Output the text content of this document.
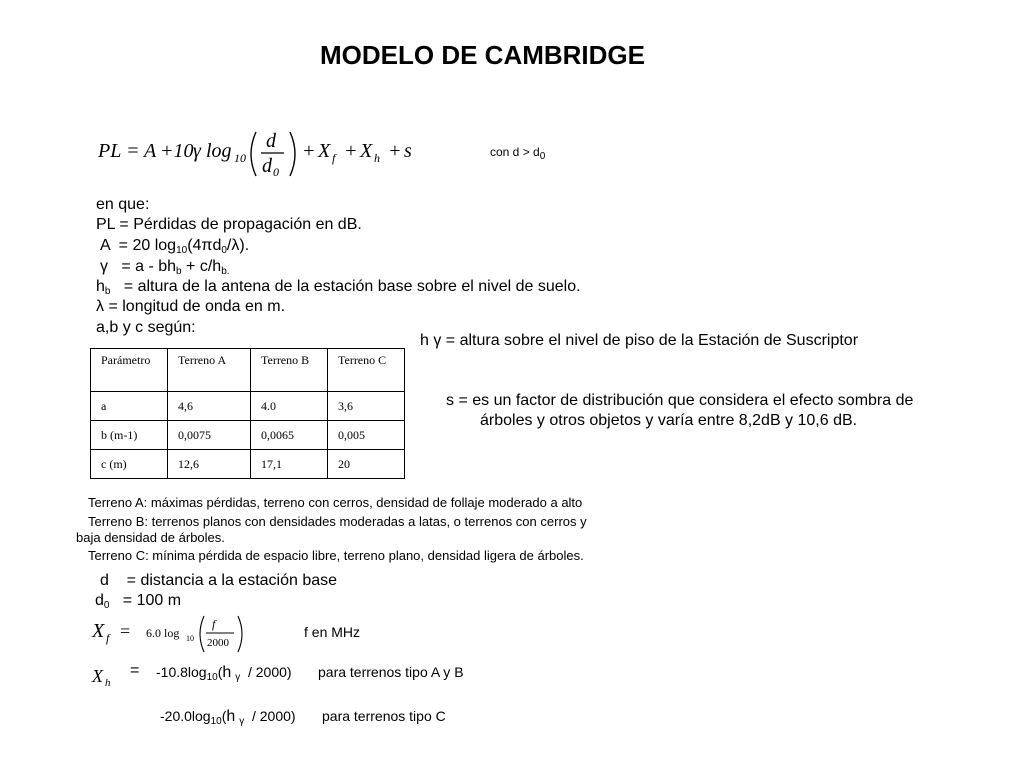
MODELO DE CAMBRIDGE
PL = A +10 γ log 10
d
d 0
+ X f + X h + s	con $d > d_0$
en que:
PL = Pérdidas de propagación en dB.
A  = 20 $\log_{10}(4\pi d_0/\lambda)$.
$\gamma = a - bh_b + c/h_{b.}$
$h_b$   = altura de la antena de la estación base sobre el nivel de suelo.
λ = longitud de onda en m.
a,b y c según:
h γ = altura sobre el nivel de piso de la Estación de Suscriptor
s = es un factor de distribución que considera el efecto sombra de
árboles y otros objetos y varía entre 8,2dB y 10,6 dB.
Parámetro	Terreno A	Terreno B	Terreno C
a	4,6	4.0	3,6
b (m-1)	0,0075	0,0065	0,005
c (m)	12,6	17,1	20
Terreno A: máximas pérdidas, terreno con cerros, densidad de follaje moderado a alto
Terreno B: terrenos planos con densidades moderadas a latas, o terrenos con cerros y
baja densidad de árboles.
Terreno C: mínima pérdida de espacio libre, terreno plano, densidad ligera de árboles.
d    = distancia a la estación base
$d_0 = 100$ m
X f = 6.0 log 10
f
2000
f en MHz
X h
= $-10.8\log_{10}(h$ $_\gamma$  / 2000) para terrenos tipo A y B
$-20.0\log_{10}(h$ $_\gamma$  / 2000) para terrenos tipo C
